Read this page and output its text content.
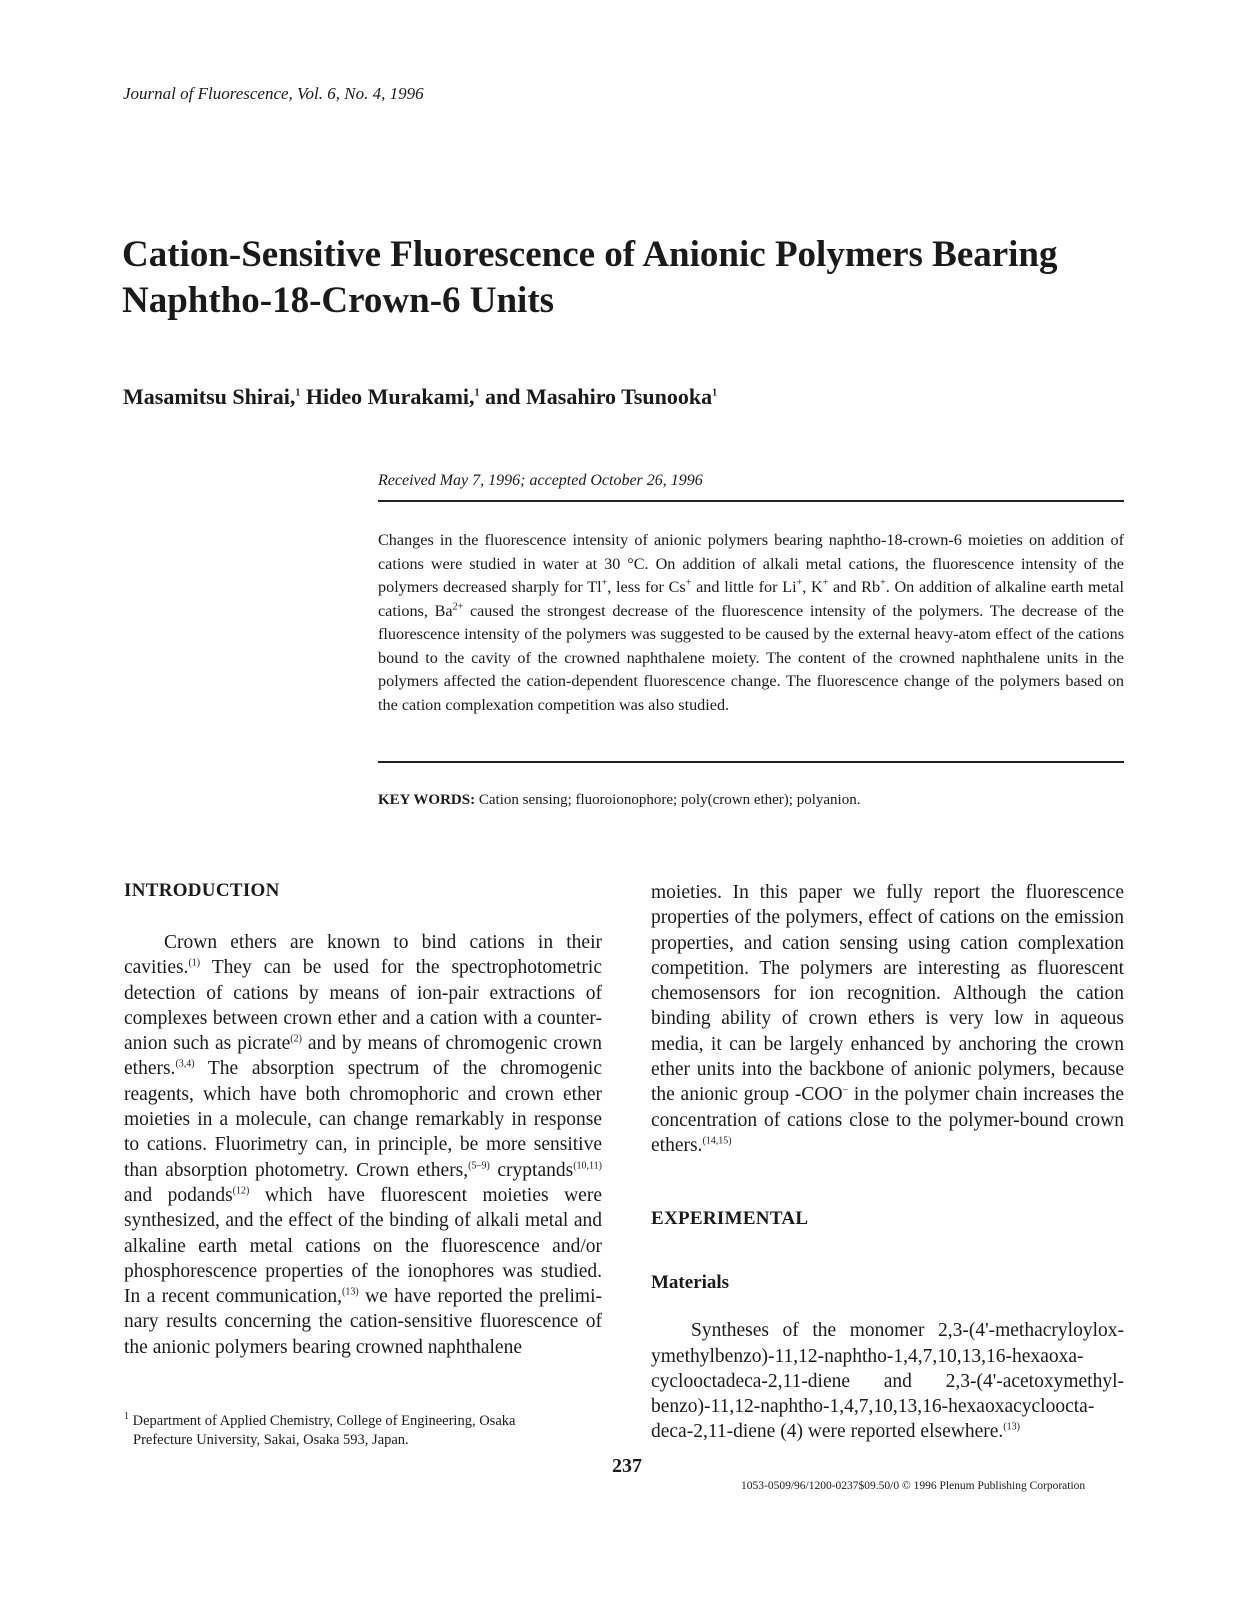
Journal of Fluorescence, Vol. 6, No. 4, 1996
Cation-Sensitive Fluorescence of Anionic Polymers Bearing
Naphtho-18-Crown-6 Units
Masamitsu Shirai,$^1$ Hideo Murakami,$^1$ and Masahiro Tsunooka$^1$
Received May 7, 1996; accepted October 26, 1996

Changes in the fluorescence intensity of anionic polymers bearing naphtho-18-crown-6 moieties on addition of cations were studied in water at 30 °C. On addition of alkali metal cations, the fluorescence intensity of the polymers decreased sharply for Tl+, less for Cs+ and little for Li+, K+ and Rb+. On addition of alkaline earth metal cations, $Ba^{2+}$ caused the strongest decrease of the fluorescence intensity of the polymers. The decrease of the fluorescence intensity of the polymers was suggested to be caused by the external heavy-atom effect of the cations bound to the cavity of the crowned naphthalene moiety. The content of the crowned naphthalene units in the polymers affected the cation-dependent fluorescence change. The fluorescence change of the polymers based on the cation complexation competition was also studied.

KEY WORDS: Cation sensing; fluoroionophore; poly(crown ether); polyanion.
INTRODUCTION

Crown ethers are known to bind cations in their cavities.$^{(1)}$ They can be used for the spectrophotometric detection of cations by means of ion-pair extractions of complexes between crown ether and a cation with a counter-anion such as picrate$^{(2)}$ and by means of chromogenic crown ethers.$^{(3,4)}$ The absorption spectrum of the chromogenic reagents, which have both chromophoric and crown ether moieties in a molecule, can change remarkably in response to cations. Fluorimetry can, in principle, be more sensitive than absorption photometry. Crown ethers,$^{(5-9)}$ cryptands$^{(10,11)}$ and podands$^{(12)}$ which have fluorescent moieties were synthesized, and the effect of the binding of alkali metal and alkaline earth metal cations on the fluorescence and/or phosphorescence properties of the ionophores was studied. In a recent communication,$^{(13)}$ we have reported the preliminary results concerning the cation-sensitive fluorescence of the anionic polymers bearing crowned naphthalene

$^1$ Department of Applied Chemistry, College of Engineering, Osaka
Prefecture University, Sakai, Osaka 593, Japan.

moieties. In this paper we fully report the fluorescence properties of the polymers, effect of cations on the emission properties, and cation sensing using cation complexation competition. The polymers are interesting as fluorescent chemosensors for ion recognition. Although the cation binding ability of crown ethers is very low in aqueous media, it can be largely enhanced by anchoring the crown ether units into the backbone of anionic polymers, because the anionic group -COO− in the polymer chain increases the concentration of cations close to the polymer-bound crown ethers.$^{(14,15)}$

EXPERIMENTAL
Materials

Syntheses of the monomer 2,3-(4'-methacryloyloxymethylbenzo)-11,12-naphtho-1,4,7,10,13,16-hexaoxacyclooctadeca-2,11-diene and 2,3-(4'-acetoxymethylbenzo)-11,12-naphtho-1,4,7,10,13,16-hexaoxacyclooctadeca-2,11-diene (4) were reported elsewhere.$^{(13)}$

237
1053-0509/96/1200-0237$09.50/0 © 1996 Plenum Publishing Corporation
